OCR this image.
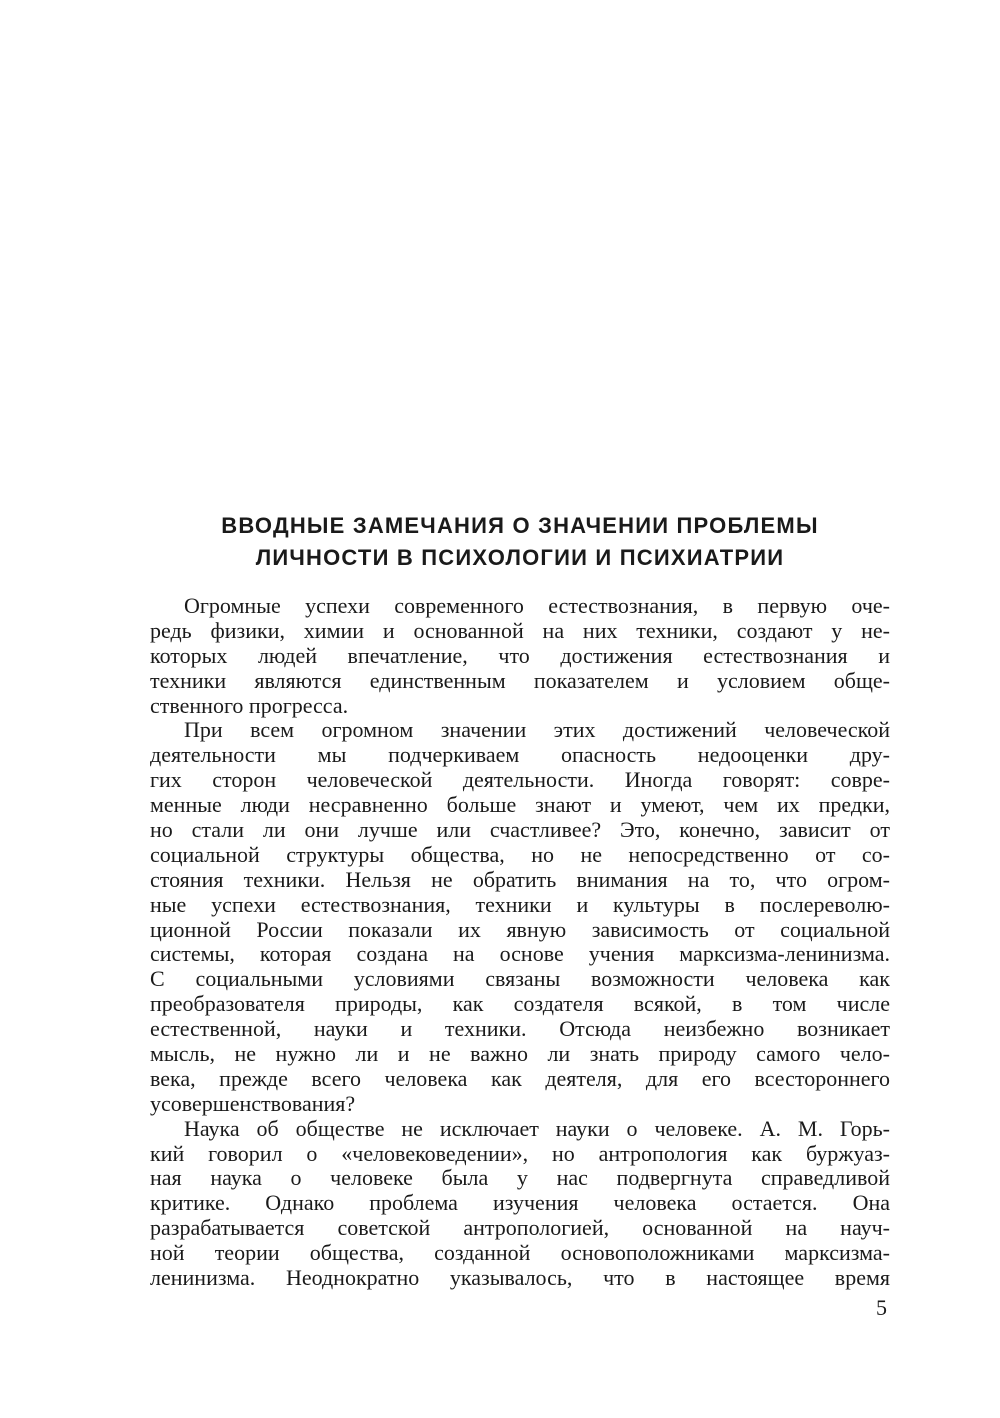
ВВОДНЫЕ ЗАМЕЧАНИЯ О ЗНАЧЕНИИ ПРОБЛЕМЫ
ЛИЧНОСТИ В ПСИХОЛОГИИ И ПСИХИАТРИИ
Огромные успехи современного естествознания, в первую оче-
редь физики, химии и основанной на них техники, создают у не-
которых людей впечатление, что достижения естествознания и
техники являются единственным показателем и условием обще-
ственного прогресса.
При всем огромном значении этих достижений человеческой
деятельности мы подчеркиваем опасность недооценки дру-
гих сторон человеческой деятельности. Иногда говорят: совре-
менные люди несравненно больше знают и умеют, чем их предки,
но стали ли они лучше или счастливее? Это, конечно, зависит от
социальной структуры общества, но не непосредственно от со-
стояния техники. Нельзя не обратить внимания на то, что огром-
ные успехи естествознания, техники и культуры в послереволю-
ционной России показали их явную зависимость от социальной
системы, которая создана на основе учения марксизма-ленинизма.
С социальными условиями связаны возможности человека как
преобразователя природы, как создателя всякой, в том числе
естественной, науки и техники. Отсюда неизбежно возникает
мысль, не нужно ли и не важно ли знать природу самого чело-
века, прежде всего человека как деятеля, для его всестороннего
усовершенствования?
Наука об обществе не исключает науки о человеке. А. М. Горь-
кий говорил о «человековедении», но антропология как буржуаз-
ная наука о человеке была у нас подвергнута справедливой
критике. Однако проблема изучения человека остается. Она
разрабатывается советской антропологией, основанной на науч-
ной теории общества, созданной основоположниками марксизма-
ленинизма. Неоднократно указывалось, что в настоящее время
5
